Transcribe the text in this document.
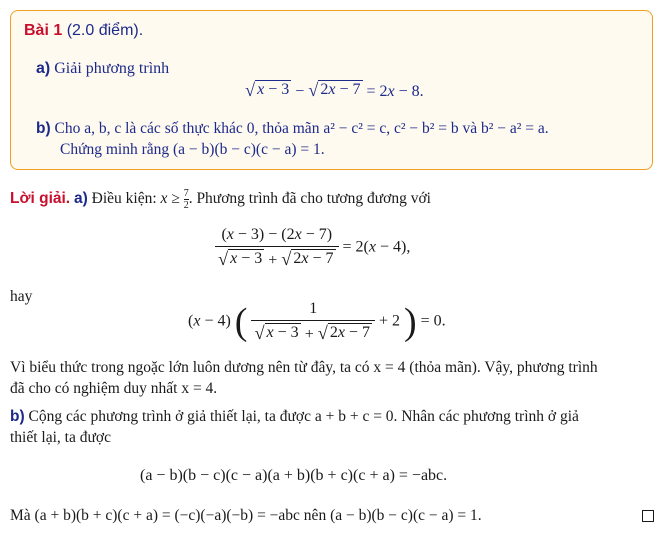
Bài 1 (2.0 điểm).
a) Giải phương trình
√ x − 3 − √ 2x − 7 = 2x − 8.
b) Cho a, b, c là các số thực khác 0, thỏa mãn a² − c² = c, c² − b² = b và b² − a² = a.
Chứng minh rằng (a − b)(b − c)(c − a) = 1.
Lời giải. a) Điều kiện: $x \ge \frac{7}{2}$ . Phương trình đã cho tương đương với
$\frac{(x - 3) - (2x - 7)}{√ x - 3 + √ 2x - 7} = 2(x - 4)$,
hay
(x − 4) ( $\frac{1}{√ x - 3 + √ 2x - 7} + 2$ ) = 0.
Vì biểu thức trong ngoặc lớn luôn dương nên từ đây, ta có x = 4 (thỏa mãn). Vậy, phương trình
đã cho có nghiệm duy nhất x = 4.
b) Cộng các phương trình ở giả thiết lại, ta được a + b + c = 0. Nhân các phương trình ở giả
thiết lại, ta được
(a − b)(b − c)(c − a)(a + b)(b + c)(c + a) = −abc.
Mà (a + b)(b + c)(c + a) = (−c)(−a)(−b) = −abc nên (a − b)(b − c)(c − a) = 1.
